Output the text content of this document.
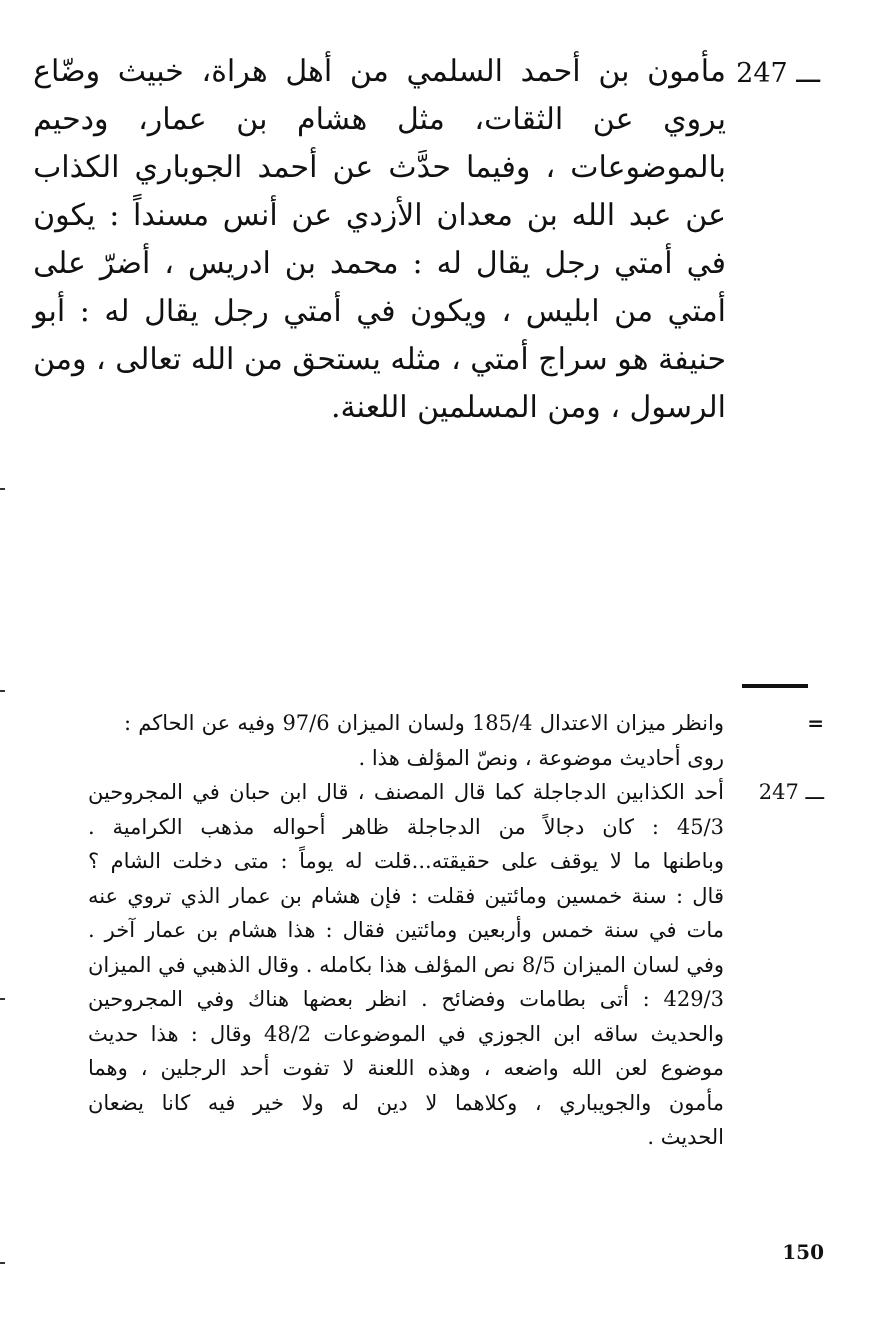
247 ـــ
مأمون بن أحمد السلمي من أهل هراة، خبيث وضّاع
يروي عن الثقات، مثل هشام بن عمار، ودحيم
بالموضوعات ، وفيما حدَّث عن أحمد الجوباري الكذاب
عن عبد الله بن معدان الأزدي عن أنس مسنداً : يكون
في أمتي رجل يقال له : محمد بن ادريس ، أضرّ على
أمتي من ابليس ، ويكون في أمتي رجل يقال له : أبو
حنيفة هو سراج أمتي ، مثله يستحق من الله تعالى ، ومن
الرسول ، ومن المسلمين اللعنة.
=
وانظر ميزان الاعتدال 185/4 ولسان الميزان 97/6 وفيه عن الحاكم :
روى أحاديث موضوعة ، ونصّ المؤلف هذا .
247 ـــ
أحد الكذابين الدجاجلة كما قال المصنف ، قال ابن حبان في المجروحين
45/3 : كان دجالاً من الدجاجلة ظاهر أحواله مذهب الكرامية .
وباطنها ما لا يوقف على حقيقته...قلت له يوماً : متى دخلت الشام ؟
قال : سنة خمسين ومائتين فقلت : فإن هشام بن عمار الذي تروي عنه
مات في سنة خمس وأربعين ومائتين فقال : هذا هشام بن عمار آخر .
وفي لسان الميزان 8/5 نص المؤلف هذا بكامله . وقال الذهبي في الميزان
429/3 : أتى بطامات وفضائح . انظر بعضها هناك وفي المجروحين
والحديث ساقه ابن الجوزي في الموضوعات 48/2 وقال : هذا حديث
موضوع لعن الله واضعه ، وهذه اللعنة لا تفوت أحد الرجلين ، وهما
مأمون والجويباري ، وكلاهما لا دين له ولا خير فيه كانا يضعان
الحديث .
150
